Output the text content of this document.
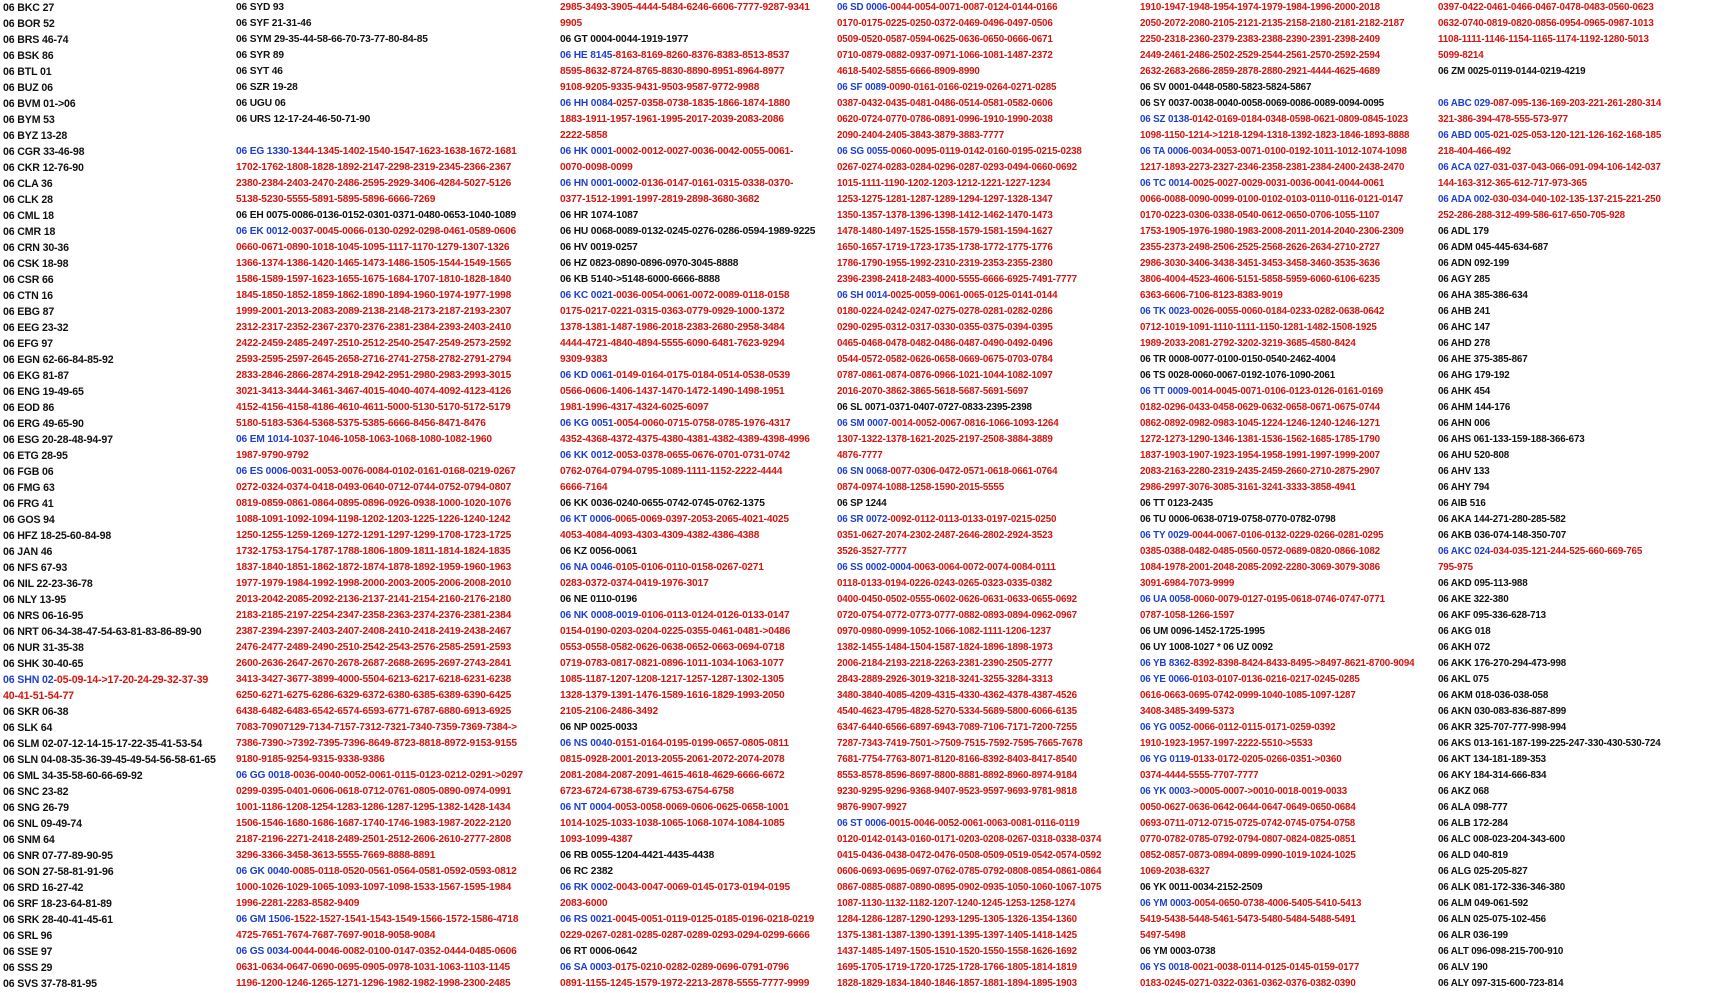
06 BKC 27
06 BOR 52
06 BRS 46-74
06 BSK 86
06 BTL 01
06 BUZ 06
06 BVM 01->06
06 BYM 53
06 BYZ 13-28
06 CGR 33-46-98
06 CKR 12-76-90
06 CLA 36
06 CLK 28
06 CML 18
06 CMR 18
06 CRN 30-36
06 CSK 18-98
06 CSR 66
06 CTN 16
06 EBG 87
06 EEG 23-32
06 EFG 97
06 EGN 62-66-84-85-92
06 EKG 81-87
06 ENG 19-49-65
06 EOD 86
06 ERG 49-65-90
06 ESG 20-28-48-94-97
06 ETG 28-95
06 FGB 06
06 FMG 63
06 FRG 41
06 GOS 94
06 HFZ 18-25-60-84-98
06 JAN 46
06 NFS 67-93
06 NIL 22-23-36-78
06 NLY 13-95
06 NRS 06-16-95
06 NRT 06-34-38-47-54-63-81-83-86-89-90
06 NUR 31-35-38
06 SHK 30-40-65
06 SHN 02-05-09-14->17-20-24-29-32-37-39
40-41-51-54-77
06 SKR 06-38
06 SLK 64
06 SLM 02-07-12-14-15-17-22-35-41-53-54
06 SLN 04-08-35-36-39-45-49-54-56-58-61-65
06 SML 34-35-58-60-66-69-92
06 SNC 23-82
06 SNG 26-79
06 SNL 09-49-74
06 SNM 64
06 SNR 07-77-89-90-95
06 SON 27-58-81-91-96
06 SRD 16-27-42
06 SRF 18-23-64-81-89
06 SRK 28-40-41-45-61
06 SRL 96
06 SSE 97
06 SSS 29
06 SVS 37-78-81-95
06 SYD 93
06 SYF 21-31-46
06 SYM 29-35-44-58-66-70-73-77-80-84-85
06 SYR 89
06 SYT 46
06 SZR 19-28
06 UGU 06
06 URS 12-17-24-46-50-71-90
06 EG 1330-1344-1345-1402-1540-1547-1623-1638-1672-1681
1702-1762-1808-1828-1892-2147-2298-2319-2345-2366-2367
2380-2384-2403-2470-2486-2595-2929-3406-4284-5027-5126
5138-5230-5555-5891-5895-5896-6666-7269
06 EH 0075-0086-0136-0152-0301-0371-0480-0653-1040-1089
06 EK 0012-0037-0045-0066-0130-0292-0298-0461-0589-0606
0660-0671-0890-1018-1045-1095-1117-1170-1279-1307-1326
1366-1374-1386-1420-1465-1473-1486-1505-1544-1549-1565
1586-1589-1597-1623-1655-1675-1684-1707-1810-1828-1840
1845-1850-1852-1859-1862-1890-1894-1960-1974-1977-1998
1999-2001-2013-2083-2089-2138-2148-2173-2187-2193-2307
2312-2317-2352-2367-2370-2376-2381-2384-2393-2403-2410
2422-2459-2485-2497-2510-2512-2540-2547-2549-2573-2592
2593-2595-2597-2645-2658-2716-2741-2758-2782-2791-2794
2833-2846-2866-2874-2918-2942-2951-2980-2983-2993-3015
3021-3413-3444-3461-3467-4015-4040-4074-4092-4123-4126
4152-4156-4158-4186-4610-4611-5000-5130-5170-5172-5179
5180-5183-5364-5368-5375-5385-6666-8456-8471-8476
06 EM 1014-1037-1046-1058-1063-1068-1080-1082-1960
1987-9790-9792
06 ES 0006-0031-0053-0076-0084-0102-0161-0168-0219-0267
0272-0324-0374-0418-0493-0640-0712-0744-0752-0794-0807
0819-0859-0861-0864-0895-0896-0926-0938-1000-1020-1076
1088-1091-1092-1094-1198-1202-1203-1225-1226-1240-1242
1250-1255-1259-1269-1272-1291-1297-1299-1708-1723-1725
1732-1753-1754-1787-1788-1806-1809-1811-1814-1824-1835
1837-1840-1851-1862-1872-1874-1878-1892-1959-1960-1963
1977-1979-1984-1992-1998-2000-2003-2005-2006-2008-2010
2013-2042-2085-2092-2136-2137-2141-2154-2160-2176-2180
2183-2185-2197-2254-2347-2358-2363-2374-2376-2381-2384
2387-2394-2397-2403-2407-2408-2410-2418-2419-2438-2467
2476-2477-2489-2490-2510-2542-2543-2576-2585-2591-2593
2600-2636-2647-2670-2678-2687-2688-2695-2697-2743-2841
3413-3427-3677-3899-4000-5504-6213-6217-6218-6231-6238
6250-6271-6275-6286-6329-6372-6380-6385-6389-6390-6425
6438-6482-6483-6542-6574-6593-6771-6787-6880-6913-6925
7083-70907129-7134-7157-7312-7321-7340-7359-7369-7384->
7386-7390->7392-7395-7396-8649-8723-8818-8972-9153-9155
9180-9185-9254-9315-9338-9386
06 GG 0018-0036-0040-0052-0061-0115-0123-0212-0291->0297
0299-0395-0401-0606-0618-0712-0761-0805-0890-0974-0991
1001-1186-1208-1254-1283-1286-1287-1295-1382-1428-1434
1506-1546-1680-1686-1687-1740-1746-1983-1987-2022-2120
2187-2196-2271-2418-2489-2501-2512-2606-2610-2777-2808
3296-3366-3458-3613-5555-7669-8888-8891
06 GK 0040-0085-0118-0520-0561-0564-0581-0592-0593-0812
1000-1026-1029-1065-1093-1097-1098-1533-1567-1595-1984
1996-2281-2283-8582-9409
06 GM 1506-1522-1527-1541-1543-1549-1566-1572-1586-4718
4725-7651-7674-7687-7697-9018-9058-9084
06 GS 0034-0044-0046-0082-0100-0147-0352-0444-0485-0606
0631-0634-0647-0690-0695-0905-0978-1031-1063-1103-1145
1196-1200-1246-1265-1271-1296-1982-1982-1998-2300-2485
2985-3493-3905-4444-5484-6246-6606-7777-9287-9341
9905
06 GT 0004-0044-1919-1977
06 HE 8145-8163-8169-8260-8376-8383-8513-8537
8595-8632-8724-8765-8830-8890-8951-8964-8977
9108-9205-9335-9431-9503-9587-9772-9988
06 HH 0084-0257-0358-0738-1835-1866-1874-1880
1883-1911-1957-1961-1995-2017-2039-2083-2086
2222-5858
06 HK 0001-0002-0012-0027-0036-0042-0055-0061-
0070-0098-0099
06 HN 0001-0002-0136-0147-0161-0315-0338-0370-
0377-1512-1991-1997-2819-2898-3680-3682
06 HR 1074-1087
06 HU 0068-0089-0132-0245-0276-0286-0594-1989-9225
06 HV 0019-0257
06 HZ 0823-0890-0896-0970-3045-8888
06 KB 5140->5148-6000-6666-8888
06 KC 0021-0036-0054-0061-0072-0089-0118-0158
0175-0217-0221-0315-0363-0779-0929-1000-1372
1378-1381-1487-1986-2018-2383-2680-2958-3484
4444-4721-4840-4894-5555-6090-6481-7623-9294
9309-9383
06 KD 0061-0149-0164-0175-0184-0514-0538-0539
0566-0606-1406-1437-1470-1472-1490-1498-1951
1981-1996-4317-4324-6025-6097
06 KG 0051-0054-0060-0715-0758-0785-1976-4317
4352-4368-4372-4375-4380-4381-4382-4389-4398-4996
06 KK 0012-0053-0378-0655-0676-0701-0731-0742
0762-0764-0794-0795-1089-1111-1152-2222-4444
6666-7164
06 KK 0036-0240-0655-0742-0745-0762-1375
06 KT 0006-0065-0069-0397-2053-2065-4021-4025
4053-4084-4093-4303-4309-4382-4386-4388
06 KZ 0056-0061
06 NA 0046-0105-0106-0110-0158-0267-0271
0283-0372-0374-0419-1976-3017
06 NE 0110-0196
06 NK 0008-0019-0106-0113-0124-0126-0133-0147
0154-0190-0203-0204-0225-0355-0461-0481->0486
0553-0558-0582-0626-0638-0652-0663-0694-0718
0719-0783-0817-0821-0896-1011-1034-1063-1077
1085-1187-1207-1208-1217-1257-1287-1302-1305
1328-1379-1391-1476-1589-1616-1829-1993-2050
2105-2106-2486-3492
06 NP 0025-0033
06 NS 0040-0151-0164-0195-0199-0657-0805-0811
0815-0928-2001-2013-2055-2061-2072-2074-2078
2081-2084-2087-2091-4615-4618-4629-6666-6672
6723-6724-6738-6739-6753-6754-6758
06 NT 0004-0053-0058-0069-0606-0625-0658-1001
1014-1025-1033-1038-1065-1068-1074-1084-1085
1093-1099-4387
06 RB 0055-1204-4421-4435-4438
06 RC 2382
06 RK 0002-0043-0047-0069-0145-0173-0194-0195
2083-6000
06 RS 0021-0045-0051-0119-0125-0185-0196-0218-0219
0229-0267-0281-0285-0287-0289-0293-0294-0299-6666
06 RT 0006-0642
06 SA 0003-0175-0210-0282-0289-0696-0791-0796
0891-1155-1245-1579-1972-2213-2878-5555-7777-9999
06 SD 0006-0044-0054-0071-0087-0124-0144-0166
0170-0175-0225-0250-0372-0469-0496-0497-0506
0509-0520-0587-0594-0625-0636-0650-0666-0671
0710-0879-0882-0937-0971-1066-1081-1487-2372
4618-5402-5855-6666-8909-8990
06 SF 0089-0090-0161-0166-0219-0264-0271-0285
0387-0432-0435-0481-0486-0514-0581-0582-0606
0620-0724-0770-0786-0891-0996-1910-1990-2038
2090-2404-2405-3843-3879-3883-7777
06 SG 0055-0060-0095-0119-0142-0160-0195-0215-0238
0267-0274-0283-0284-0296-0287-0293-0494-0660-0692
1015-1111-1190-1202-1203-1212-1221-1227-1234
1253-1275-1281-1287-1289-1294-1297-1328-1347
1350-1357-1378-1396-1398-1412-1462-1470-1473
1478-1480-1497-1525-1558-1579-1581-1594-1627
1650-1657-1719-1723-1735-1738-1772-1775-1776
1786-1790-1955-1992-2310-2319-2353-2355-2380
2396-2398-2418-2483-4000-5555-6666-6925-7491-7777
06 SH 0014-0025-0059-0061-0065-0125-0141-0144
0180-0224-0242-0247-0275-0278-0281-0282-0286
0290-0295-0312-0317-0330-0355-0375-0394-0395
0465-0468-0478-0482-0486-0487-0490-0492-0496
0544-0572-0582-0626-0658-0669-0675-0703-0784
0787-0861-0874-0876-0966-1021-1044-1082-1097
2016-2070-3862-3865-5618-5687-5691-5697
06 SL 0071-0371-0407-0727-0833-2395-2398
06 SM 0007-0014-0052-0067-0816-1066-1093-1264
1307-1322-1378-1621-2025-2197-2508-3884-3889
4876-7777
06 SN 0068-0077-0306-0472-0571-0618-0661-0764
0874-0974-1088-1258-1590-2015-5555
06 SP 1244
06 SR 0072-0092-0112-0113-0133-0197-0215-0250
0351-0627-2074-2302-2487-2646-2802-2924-3523
3526-3527-7777
06 SS 0002-0004-0063-0064-0072-0074-0084-0111
0118-0133-0194-0226-0243-0265-0323-0335-0382
0400-0450-0502-0555-0602-0626-0631-0633-0655-0692
0720-0754-0772-0773-0777-0882-0893-0894-0962-0967
0970-0980-0999-1052-1066-1082-1111-1206-1237
1382-1455-1484-1504-1587-1824-1896-1898-1973
2006-2184-2193-2218-2263-2381-2390-2505-2777
2843-2889-2926-3019-3218-3241-3255-3284-3313
3480-3840-4085-4209-4315-4330-4362-4378-4387-4526
4540-4623-4795-4828-5270-5334-5689-5800-6066-6135
6347-6440-6566-6897-6943-7089-7106-7171-7200-7255
7287-7343-7419-7501->7509-7515-7592-7595-7665-7678
7681-7754-7763-8071-8120-8166-8392-8403-8417-8540
8553-8578-8596-8697-8800-8881-8892-8960-8974-9184
9230-9295-9296-9368-9407-9523-9597-9693-9781-9818
9876-9907-9927
06 ST 0006-0015-0046-0052-0061-0063-0081-0116-0119
0120-0142-0143-0160-0171-0203-0208-0267-0318-0338-0374
0415-0436-0438-0472-0476-0508-0509-0519-0542-0574-0592
0606-0693-0695-0697-0762-0785-0792-0808-0854-0861-0864
0867-0885-0887-0890-0895-0902-0935-1050-1060-1067-1075
1087-1130-1132-1182-1207-1240-1245-1253-1258-1274
1284-1286-1287-1290-1293-1295-1305-1326-1354-1360
1375-1381-1387-1390-1391-1395-1397-1405-1418-1425
1437-1485-1497-1505-1510-1520-1550-1558-1626-1692
1695-1705-1719-1720-1725-1728-1766-1805-1814-1819
1828-1829-1834-1840-1846-1857-1881-1894-1895-1903
1910-1947-1948-1954-1974-1979-1984-1996-2000-2018
2050-2072-2080-2105-2121-2135-2158-2180-2181-2182-2187
2250-2318-2360-2379-2383-2388-2390-2391-2398-2409
2449-2461-2486-2502-2529-2544-2561-2570-2592-2594
2632-2683-2686-2859-2878-2880-2921-4444-4625-4689
06 SV 0001-0448-0580-5823-5824-5867
06 SY 0037-0038-0040-0058-0069-0086-0089-0094-0095
06 SZ 0138-0142-0169-0184-0348-0598-0621-0809-0845-1023
1098-1150-1214->1218-1294-1318-1392-1823-1846-1893-8888
06 TA 0006-0034-0053-0071-0100-0192-1011-1012-1074-1098
1217-1893-2273-2327-2346-2358-2381-2384-2400-2438-2470
06 TC 0014-0025-0027-0029-0031-0036-0041-0044-0061
0066-0088-0090-0099-0100-0102-0103-0110-0116-0121-0147
0170-0223-0306-0338-0540-0612-0650-0706-1055-1107
1753-1905-1976-1980-1983-2008-2011-2014-2040-2306-2309
2355-2373-2498-2506-2525-2568-2626-2634-2710-2727
2986-3030-3406-3438-3451-3453-3458-3460-3535-3636
3806-4004-4523-4606-5151-5858-5959-6060-6106-6235
6363-6606-7106-8123-8383-9019
06 TK 0023-0026-0055-0060-0184-0233-0282-0638-0642
0712-1019-1091-1110-1111-1150-1281-1482-1508-1925
1989-2033-2081-2792-3202-3219-3685-4580-8424
06 TR 0008-0077-0100-0150-0540-2462-4004
06 TS 0028-0060-0067-0192-1076-1090-2061
06 TT 0009-0014-0045-0071-0106-0123-0126-0161-0169
0182-0296-0433-0458-0629-0632-0658-0671-0675-0744
0862-0892-0982-0983-1045-1224-1246-1240-1246-1271
1272-1273-1290-1346-1381-1536-1562-1685-1785-1790
1837-1903-1907-1923-1954-1958-1991-1997-1999-2007
2083-2163-2280-2319-2435-2459-2660-2710-2875-2907
2986-2997-3076-3085-3161-3241-3333-3858-4941
06 TT 0123-2435
06 TU 0006-0638-0719-0758-0770-0782-0798
06 TY 0029-0044-0067-0106-0132-0229-0266-0281-0295
0385-0388-0482-0485-0560-0572-0689-0820-0866-1082
1084-1978-2001-2048-2085-2092-2280-3069-3079-3086
3091-6984-7073-9999
06 UA 0058-0060-0079-0127-0195-0618-0746-0747-0771
0787-1058-1266-1597
06 UM 0096-1452-1725-1995
06 UY 1008-1027 * 06 UZ 0092
06 YB 8362-8392-8398-8424-8433-8495->8497-8621-8700-9094
06 YE 0066-0103-0107-0136-0216-0217-0245-0285
0616-0663-0695-0742-0999-1040-1085-1097-1287
3408-3485-3499-5373
06 YG 0052-0066-0112-0115-0171-0259-0392
1910-1923-1957-1997-2222-5510->5533
06 YG 0119-0133-0172-0205-0266-0351->0360
0374-4444-5555-7707-7777
06 YK 0003->0005-0007->0010-0018-0019-0033
0050-0627-0636-0642-0644-0647-0649-0650-0684
0693-0711-0712-0715-0725-0742-0745-0754-0758
0770-0782-0785-0792-0794-0807-0824-0825-0851
0852-0857-0873-0894-0899-0990-1019-1024-1025
1069-2038-6327
06 YK 0011-0034-2152-2509
06 YM 0003-0054-0650-0738-4006-5405-5410-5413
5419-5438-5448-5461-5473-5480-5484-5488-5491
5497-5498
06 YM 0003-0738
06 YS 0018-0021-0038-0114-0125-0145-0159-0177
0183-0245-0271-0322-0361-0362-0376-0382-0390
0397-0422-0461-0466-0467-0478-0483-0560-0623
0632-0740-0819-0820-0856-0954-0965-0987-1013
1108-1111-1146-1154-1165-1174-1192-1280-5013
5099-8214
06 ZM 0025-0119-0144-0219-4219
06 ABC 029-087-095-136-169-203-221-261-280-314
321-386-394-478-555-573-977
06 ABD 005-021-025-053-120-121-126-162-168-185
218-404-466-492
06 ACA 027-031-037-043-066-091-094-106-142-037
144-163-312-365-612-717-973-365
06 ADA 002-030-034-040-102-135-137-215-221-250
252-286-288-312-499-586-617-650-705-928
06 ADL 179
06 ADM 045-445-634-687
06 ADN 092-199
06 AGY 285
06 AHA 385-386-634
06 AHB 241
06 AHC 147
06 AHD 278
06 AHE 375-385-867
06 AHG 179-192
06 AHK 454
06 AHM 144-176
06 AHN 006
06 AHS 061-133-159-188-366-673
06 AHU 520-808
06 AHV 133
06 AHY 794
06 AIB 516
06 AKA 144-271-280-285-582
06 AKB 036-074-148-350-707
06 AKC 024-034-035-121-244-525-660-669-765
795-975
06 AKD 095-113-988
06 AKE 322-380
06 AKF 095-336-628-713
06 AKG 018
06 AKH 072
06 AKK 176-270-294-473-998
06 AKL 075
06 AKM 018-036-038-058
06 AKN 030-083-836-887-899
06 AKR 325-707-777-998-994
06 AKS 013-161-187-199-225-247-330-430-530-724
06 AKT 134-181-189-353
06 AKY 184-314-666-834
06 AKZ 068
06 ALA 098-777
06 ALB 172-284
06 ALC 008-023-204-343-600
06 ALD 040-819
06 ALG 025-205-827
06 ALK 081-172-336-346-380
06 ALM 049-061-592
06 ALN 025-075-102-456
06 ALR 036-199
06 ALT 096-098-215-700-910
06 ALV 190
06 ALY 097-315-600-723-814
